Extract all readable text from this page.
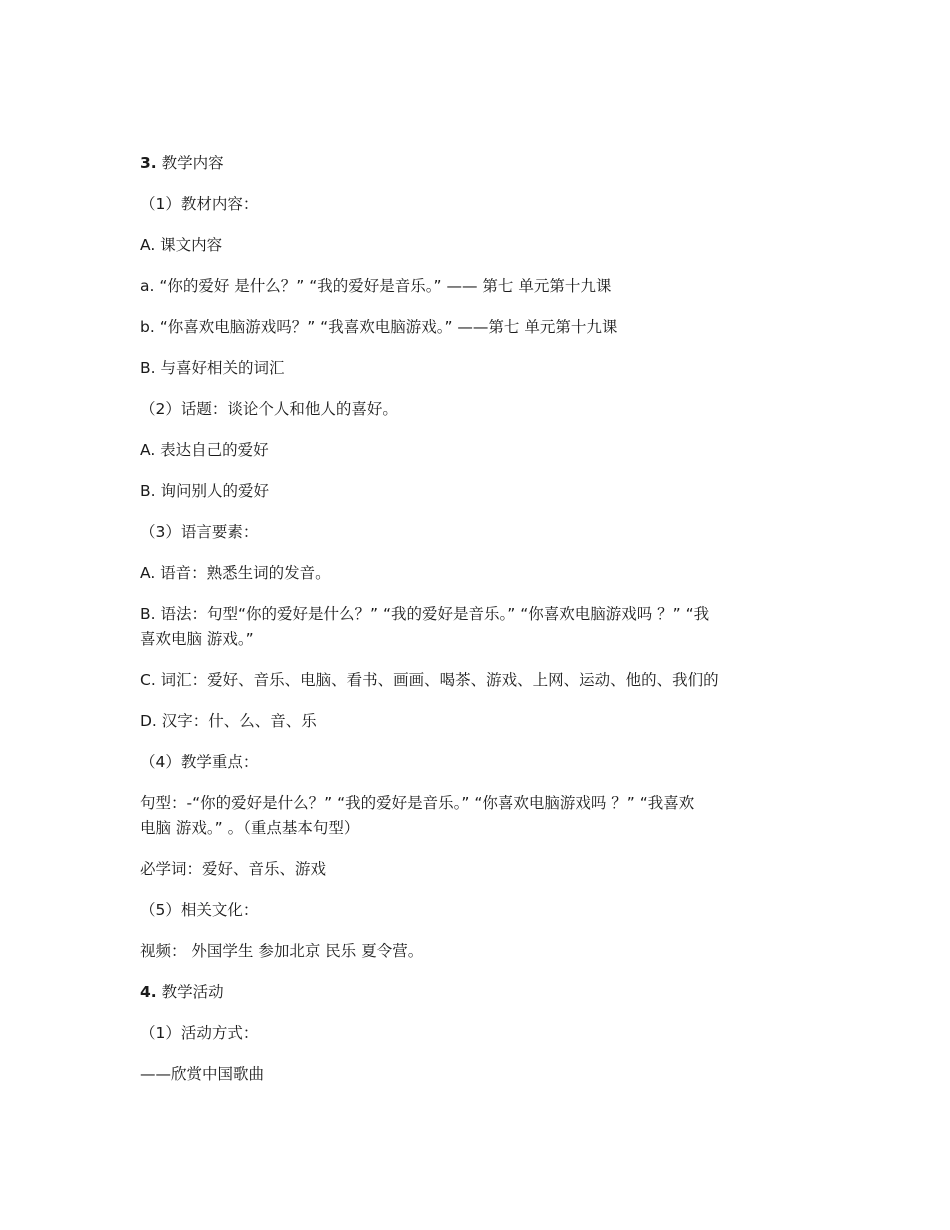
3. 教学内容
（1）教材内容：
A. 课文内容
a. “你的爱好 是什么？” “我的爱好是音乐。” —— 第七 单元第十九课
b. “你喜欢电脑游戏吗？” “我喜欢电脑游戏。” ——第七 单元第十九课
B. 与喜好相关的词汇
（2）话题：谈论个人和他人的喜好。
A. 表达自己的爱好
B. 询问别人的爱好
（3）语言要素：
A. 语音：熟悉生词的发音。
B. 语法：句型“你的爱好是什么？” “我的爱好是音乐。” “你喜欢电脑游戏吗 ？” “我
喜欢电脑 游戏。”
C. 词汇：爱好、音乐、电脑、看书、画画、喝茶、游戏、上网、运动、他的、我们的
D. 汉字：什、么、音、乐
（4）教学重点：
句型：-“你的爱好是什么？” “我的爱好是音乐。” “你喜欢电脑游戏吗 ？” “我喜欢
电脑 游戏。” 。（重点基本句型）
必学词：爱好、音乐、游戏
（5）相关文化：
视频： 外国学生 参加北京 民乐 夏令营。
4. 教学活动
（1）活动方式：
——欣赏中国歌曲
